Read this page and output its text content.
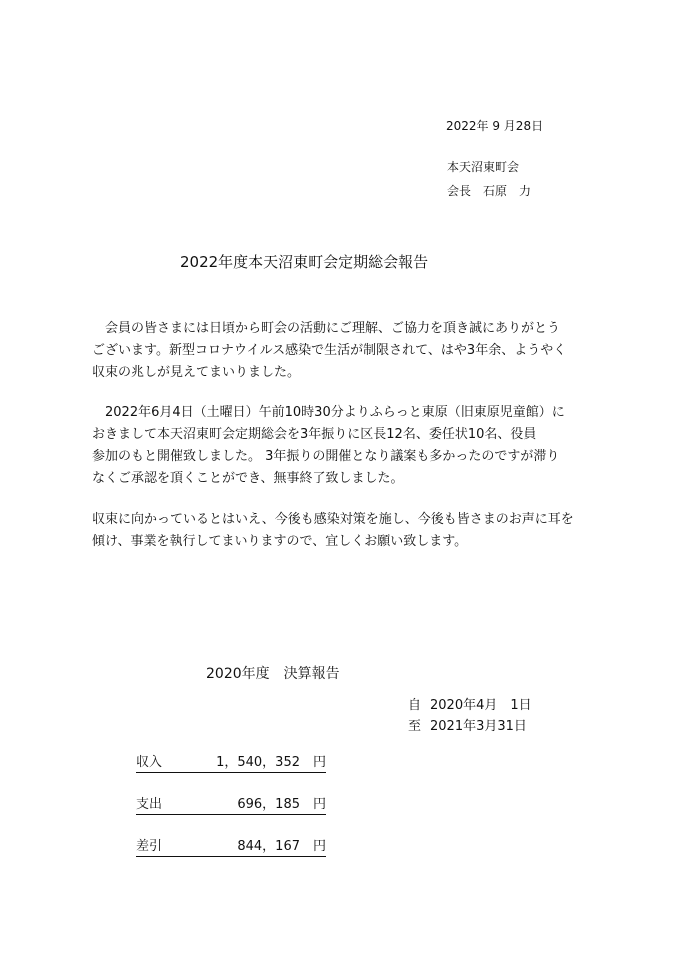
2022年 9 月28日
本天沼東町会
会長　石原　力
2022年度本天沼東町会定期総会報告
　会員の皆さまには日頃から町会の活動にご理解、ご協力を頂き誠にありがとう
ございます。新型コロナウイルス感染で生活が制限されて、はや3年余、ようやく
収束の兆しが見えてまいりました。
　2022年6月4日（土曜日）午前10時30分よりふらっと東原（旧東原児童館）に
おきまして本天沼東町会定期総会を3年振りに区長12名、委任状10名、役員
参加のもと開催致しました。 3年振りの開催となり議案も多かったのですが滞り
なくご承認を頂くことができ、無事終了致しました。
収束に向かっているとはいえ、今後も感染対策を施し、今後も皆さまのお声に耳を
傾け、事業を執行してまいりますので、宜しくお願い致します。
2020年度　決算報告
自 2020年4月　1日
至 2021年3月31日
収入	1，540，352　円
支出	696，185　円
差引	844，167　円
